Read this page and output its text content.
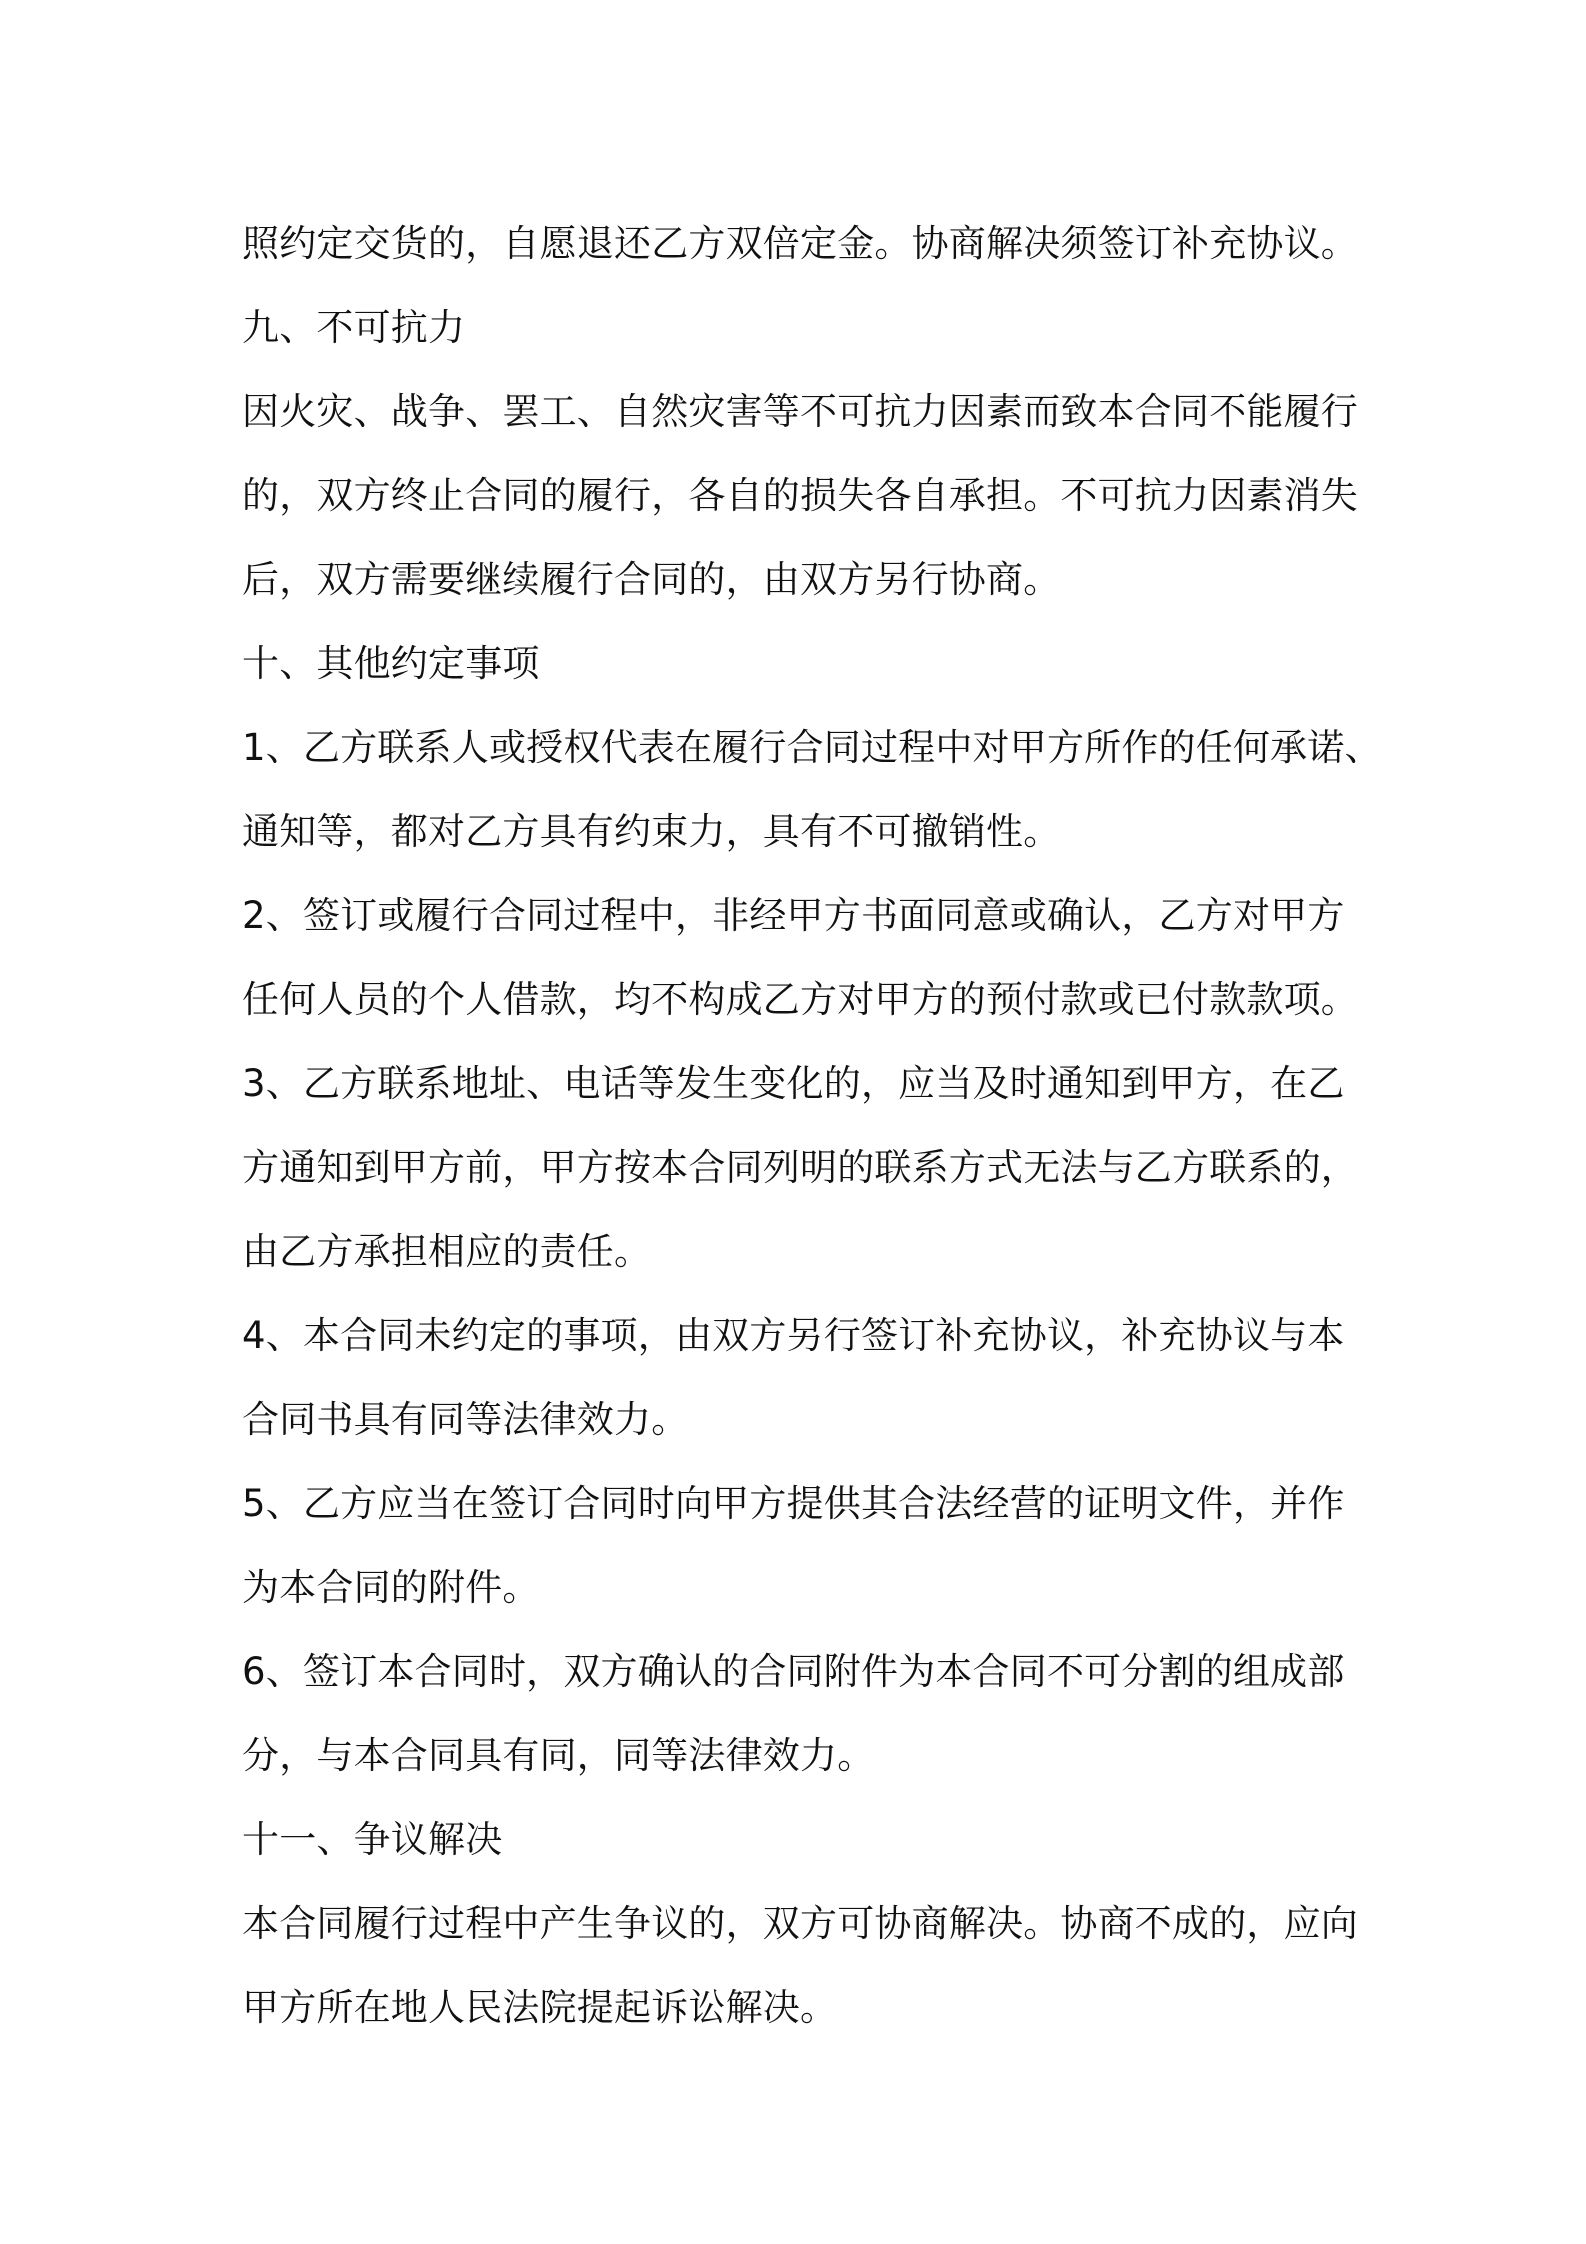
照约定交货的，自愿退还乙方双倍定金。协商解决须签订补充协议。
九、不可抗力
因火灾、战争、罢工、自然灾害等不可抗力因素而致本合同不能履行
的，双方终止合同的履行，各自的损失各自承担。不可抗力因素消失
后，双方需要继续履行合同的，由双方另行协商。
十、其他约定事项
1、乙方联系人或授权代表在履行合同过程中对甲方所作的任何承诺、
通知等，都对乙方具有约束力，具有不可撤销性。
2、签订或履行合同过程中，非经甲方书面同意或确认，乙方对甲方
任何人员的个人借款，均不构成乙方对甲方的预付款或已付款款项。
3、乙方联系地址、电话等发生变化的，应当及时通知到甲方，在乙
方通知到甲方前，甲方按本合同列明的联系方式无法与乙方联系的，
由乙方承担相应的责任。
4、本合同未约定的事项，由双方另行签订补充协议，补充协议与本
合同书具有同等法律效力。
5、乙方应当在签订合同时向甲方提供其合法经营的证明文件，并作
为本合同的附件。
6、签订本合同时，双方确认的合同附件为本合同不可分割的组成部
分，与本合同具有同，同等法律效力。
十一、争议解决
本合同履行过程中产生争议的，双方可协商解决。协商不成的，应向
甲方所在地人民法院提起诉讼解决。
